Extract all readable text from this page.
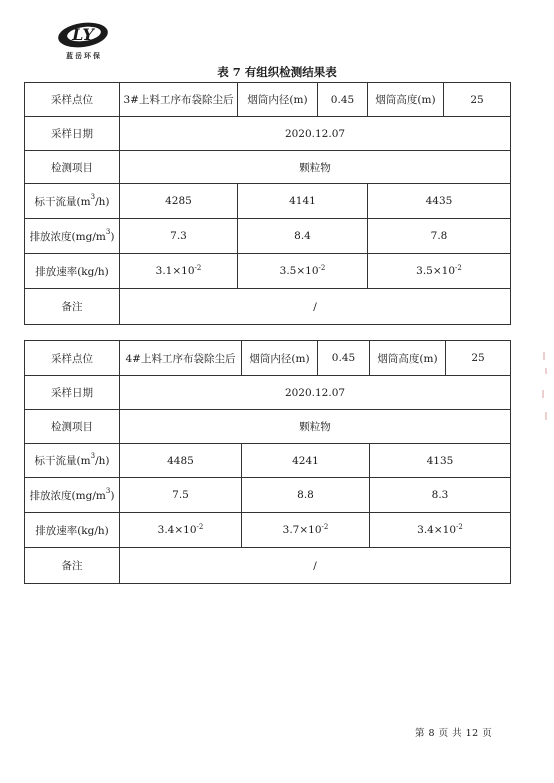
LY
蓝岳环保
表 7 有组织检测结果表
采样点位	3#上料工序布袋除尘后	烟筒内径(m)	0.45	烟筒高度(m)	25
采样日期	2020.12.07				
检测项目	颗粒物				
标干流量$(m^3/h)$	4285	4141		4435	
排放浓度$(mg/m^3)$	7.3	8.4		7.8	
排放速率(kg/h)	$3.1\times 10^{-2}$	$3.5\times 10^{-2}$		$3.5\times 10^{-2}$
备注	/				
采样点位	4#上料工序布袋除尘后	烟筒内径(m)	0.45	烟筒高度(m)	25
采样日期	2020.12.07				
检测项目	颗粒物				
标干流量$(m^3/h)$	4485	4241		4135	
排放浓度$(mg/m^3)$	7.5	8.8		8.3	
排放速率(kg/h)	$3.4\times 10^{-2}$	$3.7\times 10^{-2}$		$3.4\times 10^{-2}$
备注	/				
第 8 页 共 12 页
